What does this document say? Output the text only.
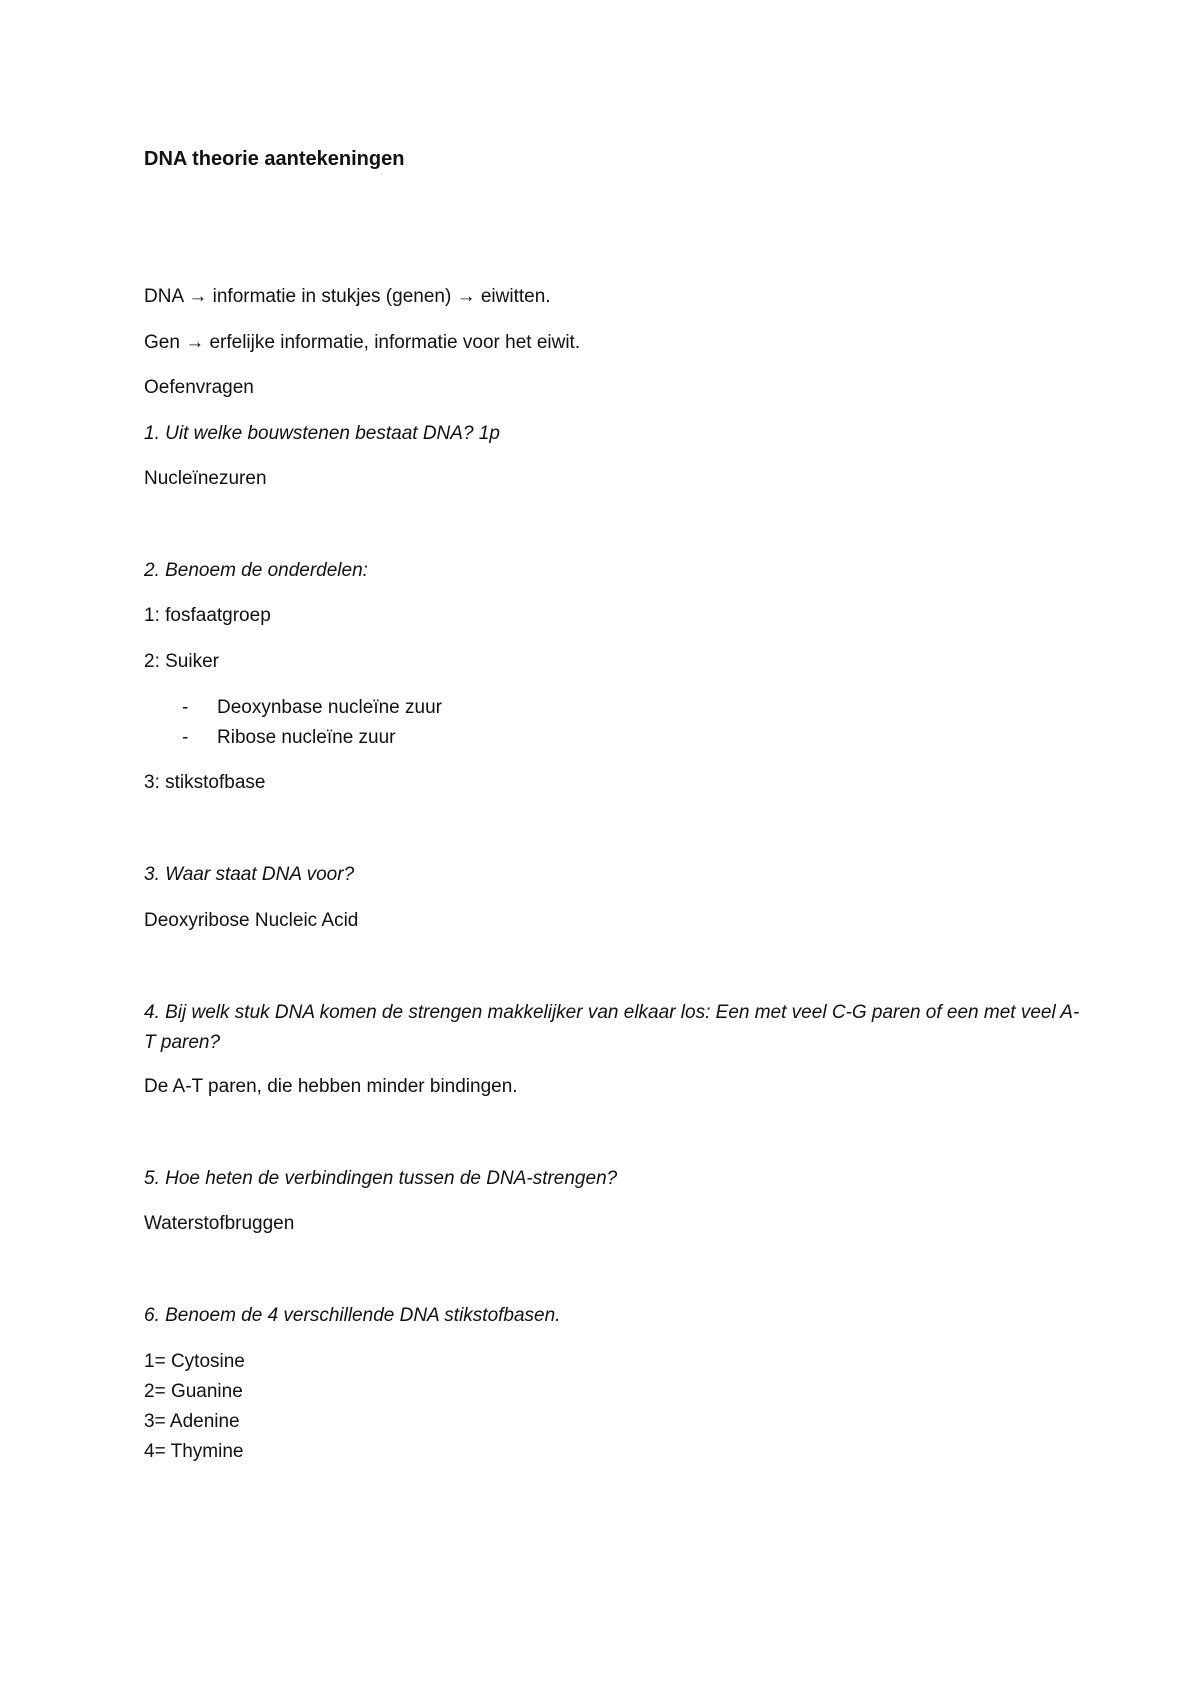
DNA theorie aantekeningen

DNA → informatie in stukjes (genen) → eiwitten.

Gen → erfelijke informatie, informatie voor het eiwit.

Oefenvragen

1. Uit welke bouwstenen bestaat DNA? 1p

Nucleïnezuren

2. Benoem de onderdelen:

1: fosfaatgroep

2: Suiker

- Deoxynbase nucleïne zuur

- Ribose nucleïne zuur

3: stikstofbase

3. Waar staat DNA voor?

Deoxyribose Nucleic Acid

4. Bij welk stuk DNA komen de strengen makkelijker van elkaar los: Een met veel C-G paren of een met veel A-T paren?

De A-T paren, die hebben minder bindingen.

5. Hoe heten de verbindingen tussen de DNA-strengen?

Waterstofbruggen

6. Benoem de 4 verschillende DNA stikstofbasen.

1= Cytosine

2= Guanine

3= Adenine

4= Thymine
